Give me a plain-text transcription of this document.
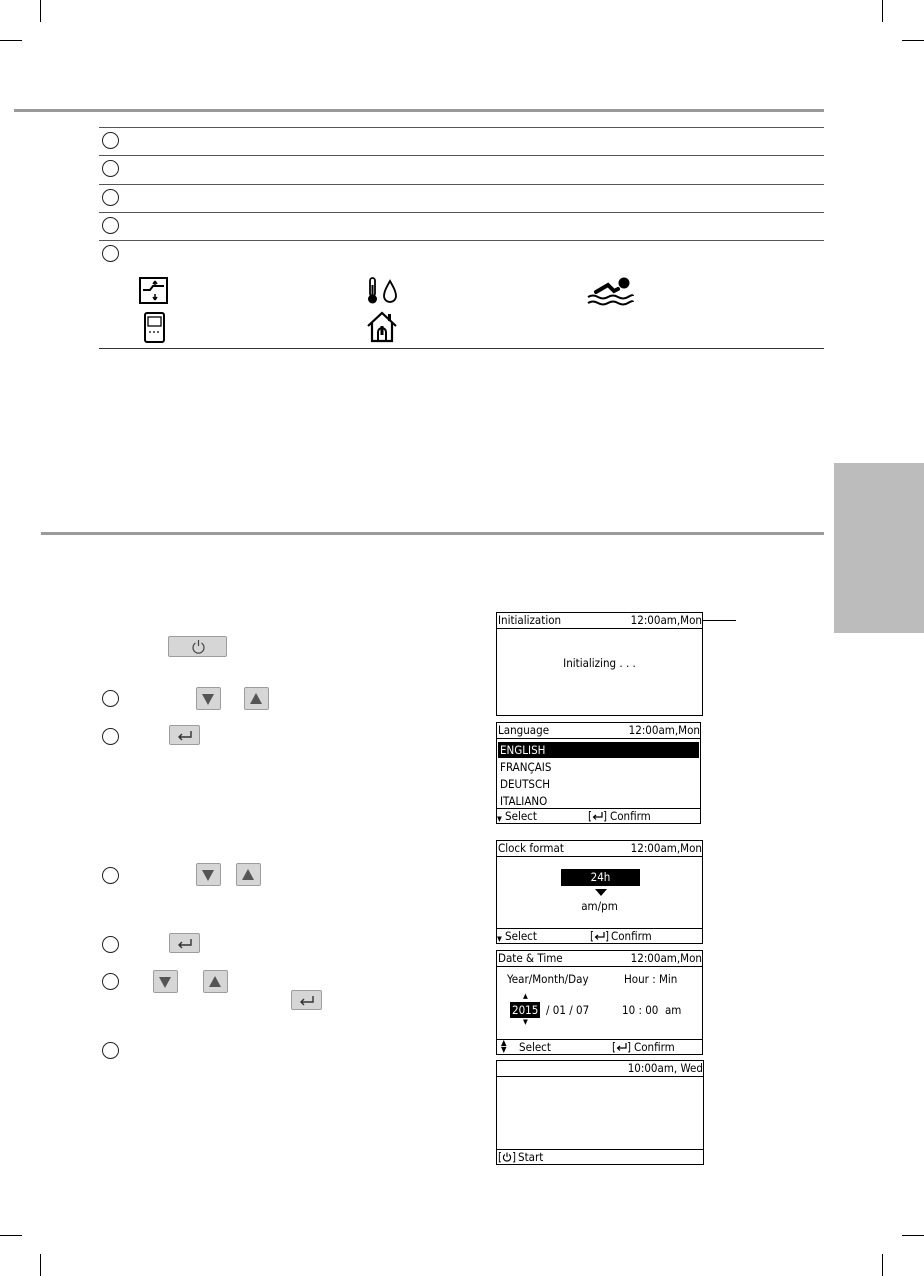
Initialization	12:00am,Mon
Initializing . . .
Language	12:00am,Mon
ENGLISH
FRANÇAIS
DEUTSCH
ITALIANO
▼ Select	[ ] Confirm
Clock format	12:00am,Mon
24h
am/pm
▼ Select	[ ] Confirm
Date & Time	12:00am,Mon
Year/Month/Day	Hour : Min
▲
2015 / 01 / 07
▼
10 : 00  am
▲
▼ Select	[ ] Confirm
10:00am, Wed
[ ] Start
